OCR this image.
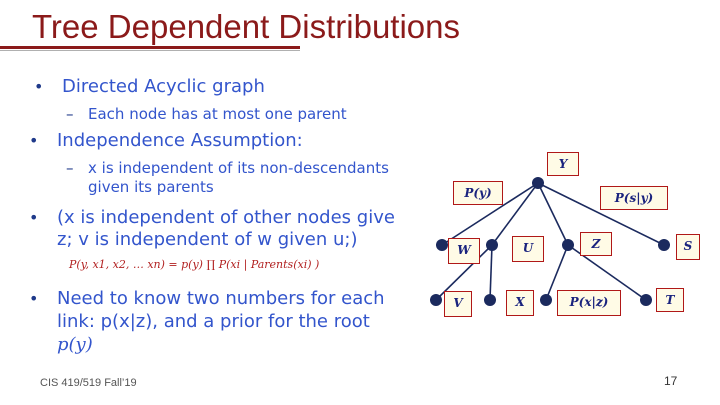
Tree Dependent Distributions
• Directed Acyclic graph
– Each node has at most one parent
• Independence Assumption:
– x is independent of its non-descendants
given its parents
• (x is independent of other nodes give
z; v is independent of w given u;)
P(y, x1, x2, … xn) = p(y) ∏ P(xi | Parents(xi) )
• Need to know two numbers for each
link: p(x|z), and a prior for the root
p(y)
Y
P(y)	P(s|y)
W	U	Z	S
V	X	P(x|z)	T
CIS 419/519 Fall’19	17
